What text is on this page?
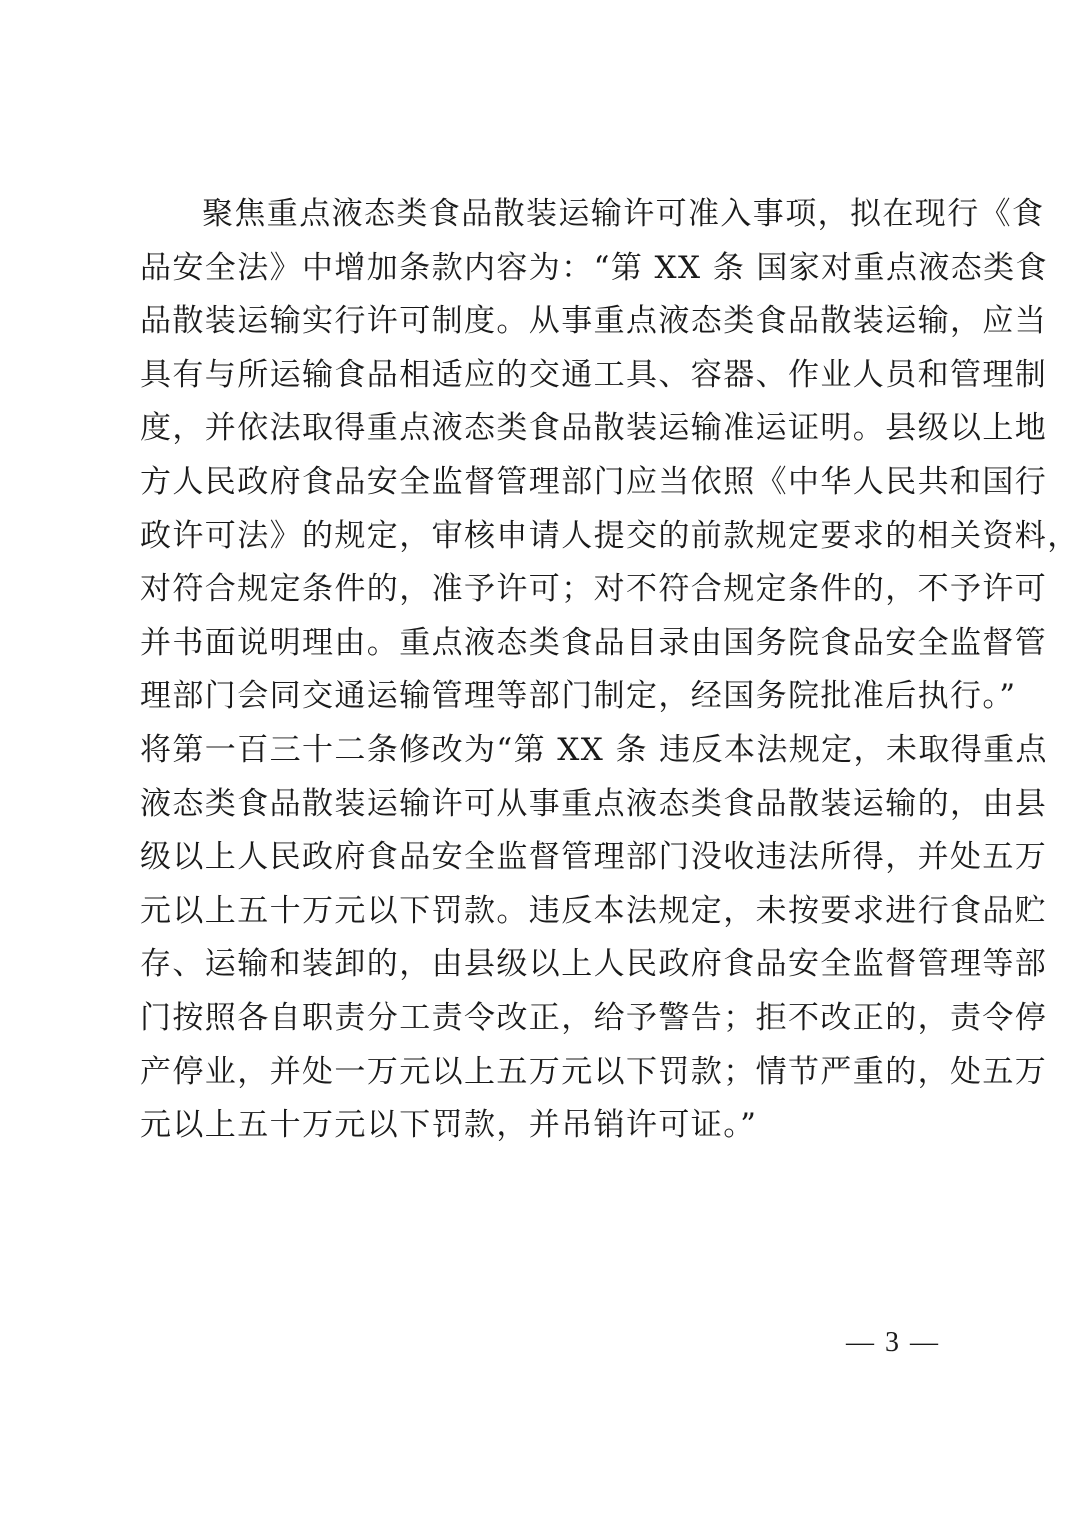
聚焦重点液态类食品散装运输许可准入事项，拟在现行《食
品安全法》中增加条款内容为：“第 XX 条 国家对重点液态类食
品散装运输实行许可制度。从事重点液态类食品散装运输，应当
具有与所运输食品相适应的交通工具、容器、作业人员和管理制
度，并依法取得重点液态类食品散装运输准运证明。县级以上地
方人民政府食品安全监督管理部门应当依照《中华人民共和国行
政许可法》的规定，审核申请人提交的前款规定要求的相关资料，
对符合规定条件的，准予许可；对不符合规定条件的，不予许可
并书面说明理由。重点液态类食品目录由国务院食品安全监督管
理部门会同交通运输管理等部门制定，经国务院批准后执行。”
将第一百三十二条修改为“第 XX 条 违反本法规定，未取得重点
液态类食品散装运输许可从事重点液态类食品散装运输的，由县
级以上人民政府食品安全监督管理部门没收违法所得，并处五万
元以上五十万元以下罚款。违反本法规定，未按要求进行食品贮
存、运输和装卸的，由县级以上人民政府食品安全监督管理等部
门按照各自职责分工责令改正，给予警告；拒不改正的，责令停
产停业，并处一万元以上五万元以下罚款；情节严重的，处五万
元以上五十万元以下罚款，并吊销许可证。”
— 3 —
